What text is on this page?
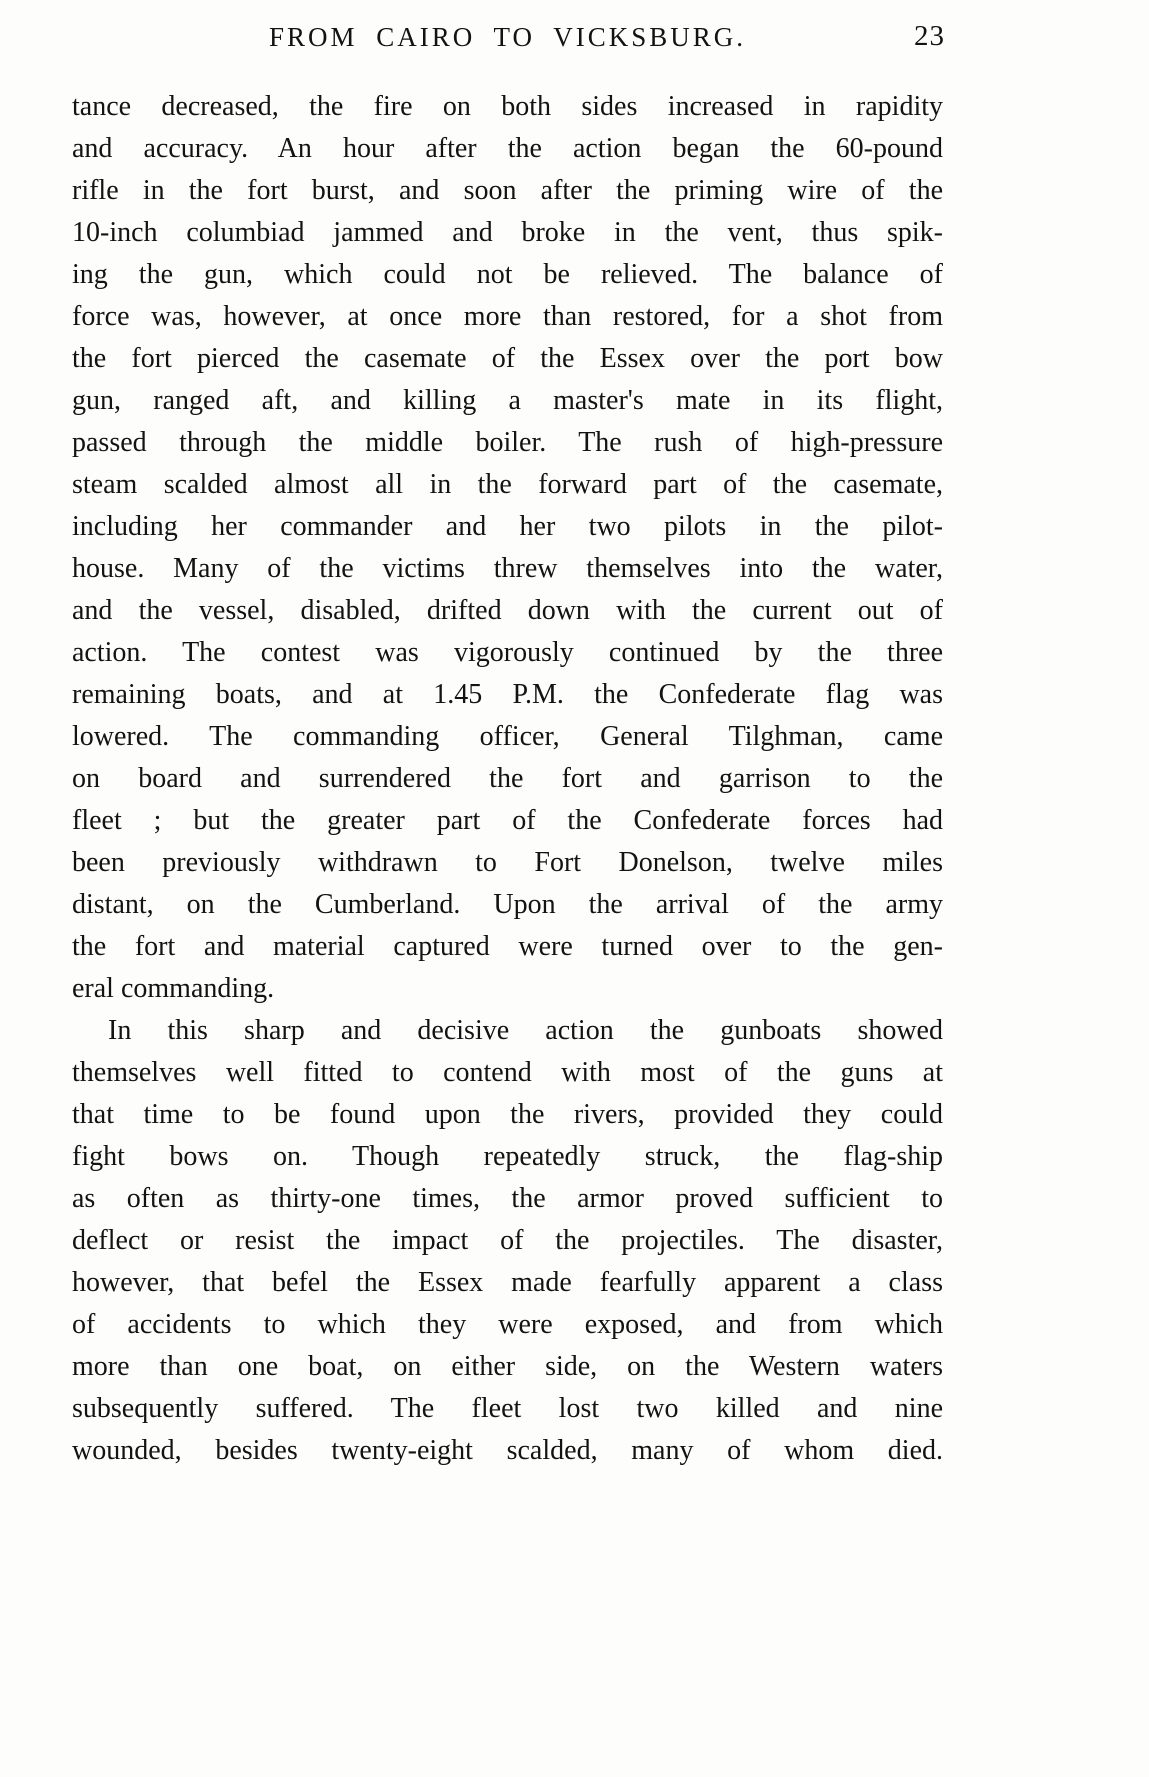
FROM CAIRO TO VICKSBURG.	23
tance decreased, the fire on both sides increased in rapidity
and accuracy. An hour after the action began the 60-pound
rifle in the fort burst, and soon after the priming wire of the
10-inch columbiad jammed and broke in the vent, thus spik-
ing the gun, which could not be relieved. The balance of
force was, however, at once more than restored, for a shot from
the fort pierced the casemate of the Essex over the port bow
gun, ranged aft, and killing a master's mate in its flight,
passed through the middle boiler. The rush of high-pressure
steam scalded almost all in the forward part of the casemate,
including her commander and her two pilots in the pilot-
house. Many of the victims threw themselves into the water,
and the vessel, disabled, drifted down with the current out of
action. The contest was vigorously continued by the three
remaining boats, and at 1.45 P.M. the Confederate flag was
lowered. The commanding officer, General Tilghman, came
on board and surrendered the fort and garrison to the
fleet ; but the greater part of the Confederate forces had
been previously withdrawn to Fort Donelson, twelve miles
distant, on the Cumberland. Upon the arrival of the army
the fort and material captured were turned over to the gen-
eral commanding.
In this sharp and decisive action the gunboats showed
themselves well fitted to contend with most of the guns at
that time to be found upon the rivers, provided they could
fight bows on. Though repeatedly struck, the flag-ship
as often as thirty-one times, the armor proved sufficient to
deflect or resist the impact of the projectiles. The disaster,
however, that befel the Essex made fearfully apparent a class
of accidents to which they were exposed, and from which
more than one boat, on either side, on the Western waters
subsequently suffered. The fleet lost two killed and nine
wounded, besides twenty-eight scalded, many of whom died.
